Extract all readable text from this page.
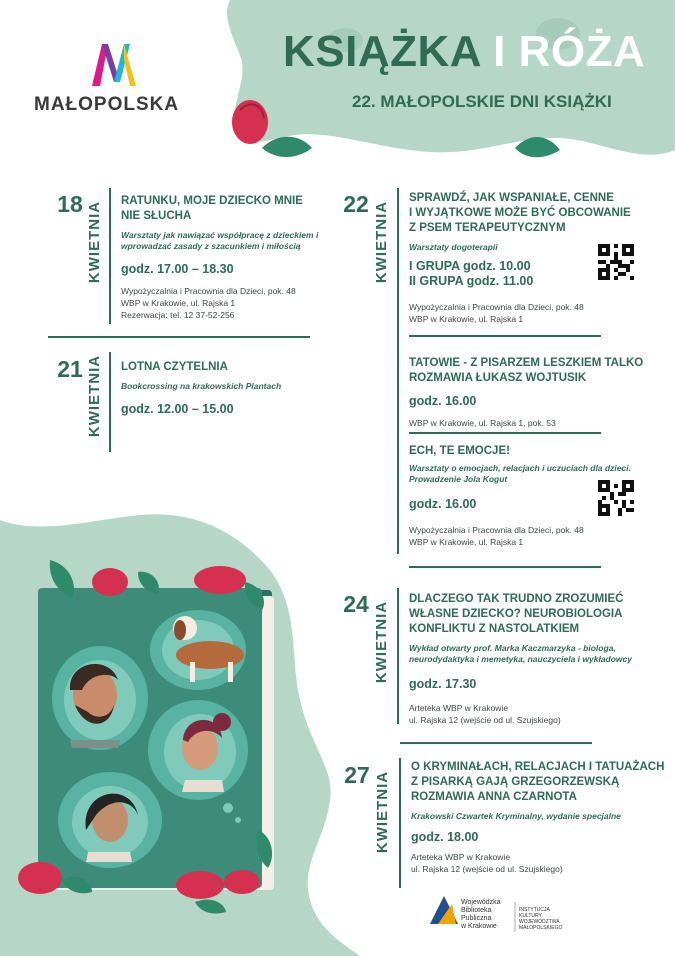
MAŁOPOLSKA
KSIĄŻKA I RÓŻA
22. MAŁOPOLSKIE DNI KSIĄŻKI
18 KWIETNIA RATUNKU, MOJE DZIECKO MNIE
NIE SŁUCHA

Warsztaty jak nawiązać współpracę z dzieckiem i wprowadzać zasady z szacunkiem i miłością

godz. 17.00 – 18.30

Wypożyczalnia i Pracownia dla Dzieci, pok. 48
WBP w Krakowie, ul. Rajska 1
Rezerwacja: tel. 12 37-52-256

21 KWIETNIA LOTNA CZYTELNIA

Bookcrossing na krakowskich Plantach

godz. 12.00 – 15.00

22 KWIETNIA

SPRAWDŹ, JAK WSPANIAŁE, CENNE
I WYJĄTKOWE MOŻE BYĆ OBCOWANIE
Z PSEM TERAPEUTYCZNYM

Warsztaty dogoterapii

I GRUPA godz. 10.00
II GRUPA godz. 11.00

Wypożyczalnia i Pracownia dla Dzieci, pok. 48
WBP w Krakowie, ul. Rajska 1

TATOWIE - Z PISARZEM LESZKIEM TALKO
ROZMAWIA ŁUKASZ WOJTUSIK

godz. 16.00

WBP w Krakowie, ul. Rajska 1, pok. 53

ECH, TE EMOCJE!

Warsztaty o emocjach, relacjach i uczuciach dla dzieci.
Prowadzenie Jola Kogut

godz. 16.00

Wypożyczalnia i Pracownia dla Dzieci, pok. 48
WBP w Krakowie, ul. Rajska 1

24 KWIETNIA

DLACZEGO TAK TRUDNO ZROZUMIEĆ
WŁASNE DZIECKO? NEUROBIOLOGIA
KONFLIKTU Z NASTOLATKIEM

Wykład otwarty prof. Marka Kaczmarzyka - biologa, neurodydaktyka i memetyka, nauczyciela i wykładowcy

godz. 17.30

Arteteka WBP w Krakowie
ul. Rajska 12 (wejście od ul. Szujskiego)

27 KWIETNIA

O KRYMINAŁACH, RELACJACH I TATUAŻACH
Z PISARKĄ GAJĄ GRZEGORZEWSKĄ
ROZMAWIA ANNA CZARNOTA

Krakowski Czwartek Kryminalny, wydanie specjalne

godz. 18.00

Arteteka WBP w Krakowie
ul. Rajska 12 (wejście od ul. Szujskiego)

Wojewódzka
Biblioteka
Publiczna
w Krakowie
INSTYTUCJA KULTURY
WOJEWÓDZTWA
MAŁOPOLSKIEGO
